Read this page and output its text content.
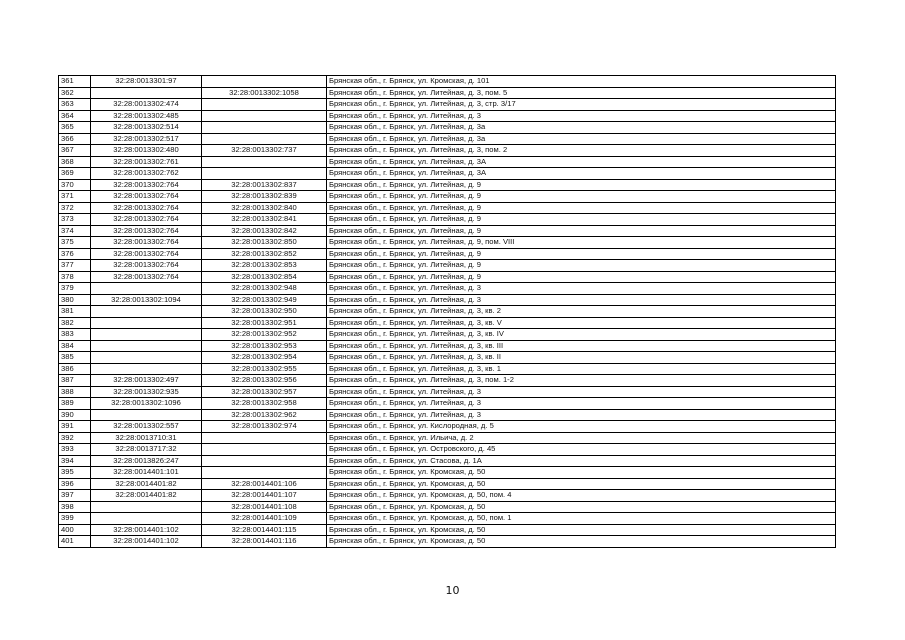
361	32:28:0013301:97		Брянская обл., г. Брянск, ул. Кромская, д. 101
362		32:28:0013302:1058	Брянская обл., г. Брянск, ул. Литейная, д. 3, пом. 5
363	32:28:0013302:474		Брянская обл., г. Брянск, ул. Литейная, д. 3, стр. 3/17
364	32:28:0013302:485		Брянская обл., г. Брянск, ул. Литейная, д. 3
365	32:28:0013302:514		Брянская обл., г. Брянск, ул. Литейная, д. 3а
366	32:28:0013302:517		Брянская обл., г. Брянск, ул. Литейная, д. 3а
367	32:28:0013302:480	32:28:0013302:737	Брянская обл., г. Брянск, ул. Литейная, д. 3, пом. 2
368	32:28:0013302:761		Брянская обл., г. Брянск, ул. Литейная, д. 3А
369	32:28:0013302:762		Брянская обл., г. Брянск, ул. Литейная, д. 3А
370	32:28:0013302:764	32:28:0013302:837	Брянская обл., г. Брянск, ул. Литейная, д. 9
371	32:28:0013302:764	32:28:0013302:839	Брянская обл., г. Брянск, ул. Литейная, д. 9
372	32:28:0013302:764	32:28:0013302:840	Брянская обл., г. Брянск, ул. Литейная, д. 9
373	32:28:0013302:764	32:28:0013302:841	Брянская обл., г. Брянск, ул. Литейная, д. 9
374	32:28:0013302:764	32:28:0013302:842	Брянская обл., г. Брянск, ул. Литейная, д. 9
375	32:28:0013302:764	32:28:0013302:850	Брянская обл., г. Брянск, ул. Литейная, д. 9, пом. VIII
376	32:28:0013302:764	32:28:0013302:852	Брянская обл., г. Брянск, ул. Литейная, д. 9
377	32:28:0013302:764	32:28:0013302:853	Брянская обл., г. Брянск, ул. Литейная, д. 9
378	32:28:0013302:764	32:28:0013302:854	Брянская обл., г. Брянск, ул. Литейная, д. 9
379		32:28:0013302:948	Брянская обл., г. Брянск, ул. Литейная, д. 3
380	32:28:0013302:1094	32:28:0013302:949	Брянская обл., г. Брянск, ул. Литейная, д. 3
381		32:28:0013302:950	Брянская обл., г. Брянск, ул. Литейная, д. 3, кв. 2
382		32:28:0013302:951	Брянская обл., г. Брянск, ул. Литейная, д. 3, кв. V
383		32:28:0013302:952	Брянская обл., г. Брянск, ул. Литейная, д. 3, кв. IV
384		32:28:0013302:953	Брянская обл., г. Брянск, ул. Литейная, д. 3, кв. III
385		32:28:0013302:954	Брянская обл., г. Брянск, ул. Литейная, д. 3, кв. II
386		32:28:0013302:955	Брянская обл., г. Брянск, ул. Литейная, д. 3, кв. 1
387	32:28:0013302:497	32:28:0013302:956	Брянская обл., г. Брянск, ул. Литейная, д. 3, пом. 1-2
388	32:28:0013302:935	32:28:0013302:957	Брянская обл., г. Брянск, ул. Литейная, д. 3
389	32:28:0013302:1096	32:28:0013302:958	Брянская обл., г. Брянск, ул. Литейная, д. 3
390		32:28:0013302:962	Брянская обл., г. Брянск, ул. Литейная, д. 3
391	32:28:0013302:557	32:28:0013302:974	Брянская обл., г. Брянск, ул. Кислородная, д. 5
392	32:28:0013710:31		Брянская обл., г. Брянск, ул. Ильича, д. 2
393	32:28:0013717:32		Брянская обл., г. Брянск, ул. Островского, д. 45
394	32:28:0013826:247		Брянская обл., г. Брянск, ул. Стасова, д. 1А
395	32:28:0014401:101		Брянская обл., г. Брянск, ул. Кромская, д. 50
396	32:28:0014401:82	32:28:0014401:106	Брянская обл., г. Брянск, ул. Кромская, д. 50
397	32:28:0014401:82	32:28:0014401:107	Брянская обл., г. Брянск, ул. Кромская, д. 50, пом. 4
398		32:28:0014401:108	Брянская обл., г. Брянск, ул. Кромская, д. 50
399		32:28:0014401:109	Брянская обл., г. Брянск, ул. Кромская, д. 50, пом. 1
400	32:28:0014401:102	32:28:0014401:115	Брянская обл., г. Брянск, ул. Кромская, д. 50
401	32:28:0014401:102	32:28:0014401:116	Брянская обл., г. Брянск, ул. Кромская, д. 50
10
